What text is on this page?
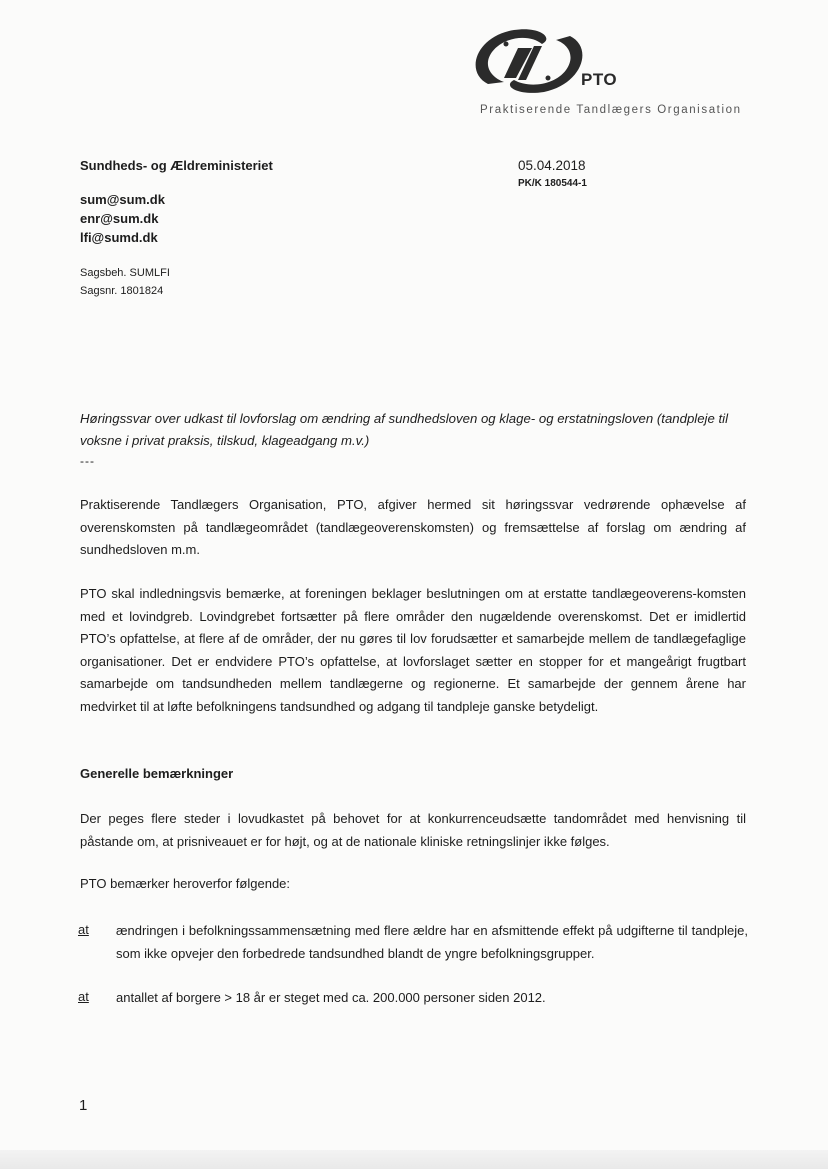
PTO
Praktiserende Tandlægers Organisation
Sundheds- og Ældreministeriet
sum@sum.dk
enr@sum.dk
lfi@sumd.dk
Sagsbeh. SUMLFI
Sagsnr. 1801824
05.04.2018
PK/K 180544-1
Høringssvar over udkast til lovforslag om ændring af sundhedsloven og klage- og erstatningsloven (tandpleje til voksne i privat praksis, tilskud, klageadgang m.v.)
---

Praktiserende Tandlægers Organisation, PTO, afgiver hermed sit høringssvar vedrørende ophævelse af overenskomsten på tandlægeområdet (tandlægeoverenskomsten) og fremsættelse af forslag om ændring af sundhedsloven m.m.

PTO skal indledningsvis bemærke, at foreningen beklager beslutningen om at erstatte tandlægeoverens-komsten med et lovindgreb. Lovindgrebet fortsætter på flere områder den nugældende overenskomst. Det er imidlertid PTO’s opfattelse, at flere af de områder, der nu gøres til lov forudsætter et samarbejde mellem de tandlægefaglige organisationer. Det er endvidere PTO’s opfattelse, at lovforslaget sætter en stopper for et mangeårigt frugtbart samarbejde om tandsundheden mellem tandlægerne og regionerne. Et samarbejde der gennem årene har medvirket til at løfte befolkningens tandsundhed og adgang til tandpleje ganske betydeligt.

Generelle bemærkninger

Der peges flere steder i lovudkastet på behovet for at konkurrenceudsætte tandområdet med henvisning til påstande om, at prisniveauet er for højt, og at de nationale kliniske retningslinjer ikke følges.

PTO bemærker heroverfor følgende:
at ændringen i befolkningssammensætning med flere ældre har en afsmittende effekt på udgifterne til tandpleje, som ikke opvejer den forbedrede tandsundhed blandt de yngre befolkningsgrupper.
at antallet af borgere > 18 år er steget med ca. 200.000 personer siden 2012.
1
